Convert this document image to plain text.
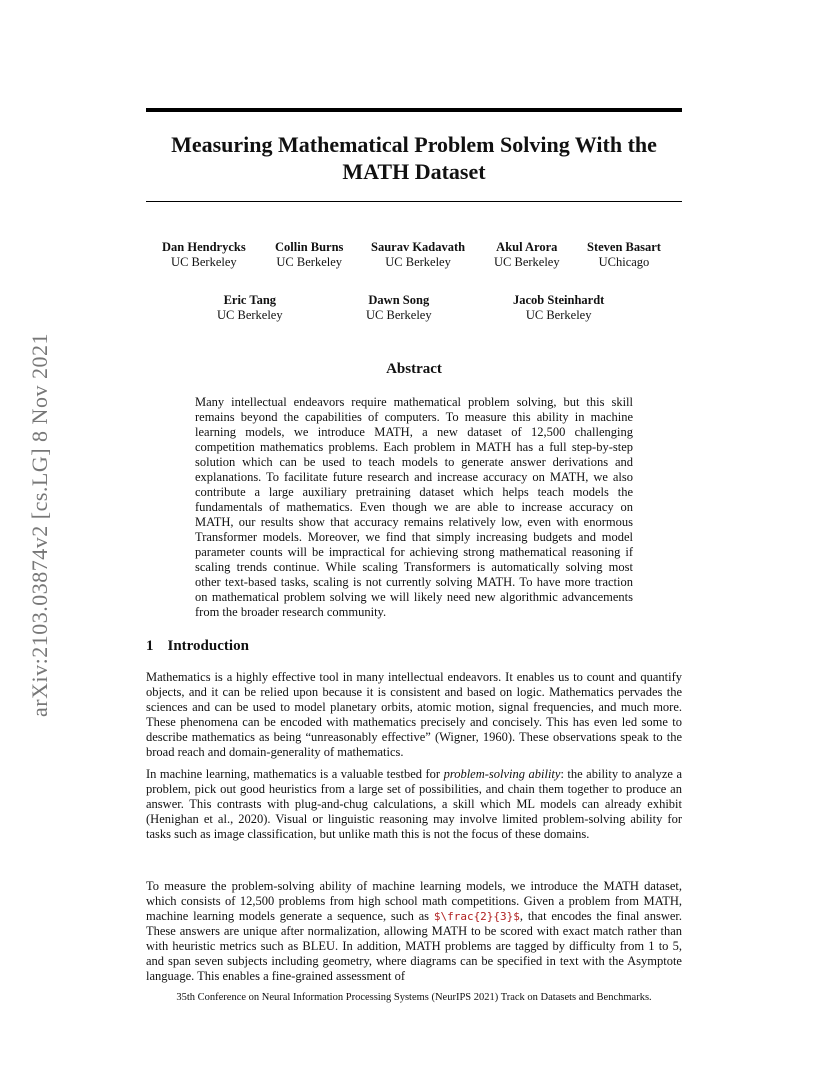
arXiv:2103.03874v2 [cs.LG] 8 Nov 2021
Measuring Mathematical Problem Solving With the MATH Dataset
Dan Hendrycks
UC Berkeley
Collin Burns
UC Berkeley
Saurav Kadavath
UC Berkeley
Akul Arora
UC Berkeley
Steven Basart
UChicago
Eric Tang
UC Berkeley
Dawn Song
UC Berkeley
Jacob Steinhardt
UC Berkeley
Abstract

Many intellectual endeavors require mathematical problem solving, but this skill remains beyond the capabilities of computers. To measure this ability in machine learning models, we introduce MATH, a new dataset of 12,500 challenging competition mathematics problems. Each problem in MATH has a full step-by-step solution which can be used to teach models to generate answer derivations and explanations. To facilitate future research and increase accuracy on MATH, we also contribute a large auxiliary pretraining dataset which helps teach models the fundamentals of mathematics. Even though we are able to increase accuracy on MATH, our results show that accuracy remains relatively low, even with enormous Transformer models. Moreover, we find that simply increasing budgets and model parameter counts will be impractical for achieving strong mathematical reasoning if scaling trends continue. While scaling Transformers is automatically solving most other text-based tasks, scaling is not currently solving MATH. To have more traction on mathematical problem solving we will likely need new algorithmic advancements from the broader research community.

1 Introduction

Mathematics is a highly effective tool in many intellectual endeavors. It enables us to count and quantify objects, and it can be relied upon because it is consistent and based on logic. Mathematics pervades the sciences and can be used to model planetary orbits, atomic motion, signal frequencies, and much more. These phenomena can be encoded with mathematics precisely and concisely. This has even led some to describe mathematics as being “unreasonably effective” (Wigner, 1960). These observations speak to the broad reach and domain-generality of mathematics.

In machine learning, mathematics is a valuable testbed for problem-solving ability: the ability to analyze a problem, pick out good heuristics from a large set of possibilities, and chain them together to produce an answer. This contrasts with plug-and-chug calculations, a skill which ML models can already exhibit (Henighan et al., 2020). Visual or linguistic reasoning may involve limited problem-solving ability for tasks such as image classification, but unlike math this is not the focus of these domains.

To measure the problem-solving ability of machine learning models, we introduce the MATH dataset, which consists of 12,500 problems from high school math competitions. Given a problem from MATH, machine learning models generate a sequence, such as $\frac{2}{3}$, that encodes the final answer. These answers are unique after normalization, allowing MATH to be scored with exact match rather than with heuristic metrics such as BLEU. In addition, MATH problems are tagged by difficulty from 1 to 5, and span seven subjects including geometry, where diagrams can be specified in text with the Asymptote language. This enables a fine-grained assessment of

35th Conference on Neural Information Processing Systems (NeurIPS 2021) Track on Datasets and Benchmarks.
